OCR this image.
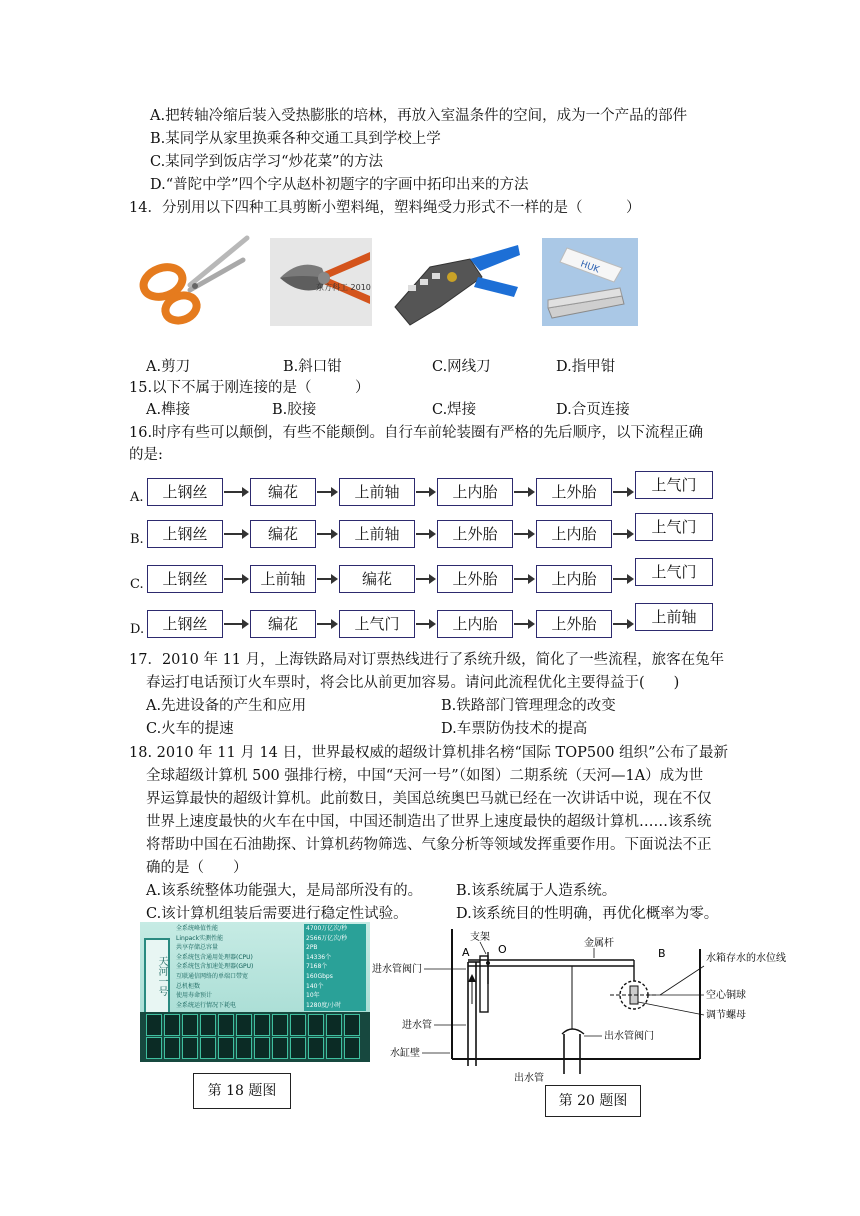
A.把转轴冷缩后装入受热膨胀的培林，再放入室温条件的空间，成为一个产品的部件
B.某同学从家里换乘各种交通工具到学校上学
C.某同学到饭店学习“炒花菜”的方法
D.“普陀中学”四个字从赵朴初题字的字画中拓印出来的方法
14．分别用以下四种工具剪断小塑料绳，塑料绳受力形式不一样的是（　　　）
东方科工 2010
HUK
A.剪刀	B.斜口钳	C.网线刀	D.指甲钳
15.以下不属于刚连接的是（　　　）
A.榫接	B.胶接	C.焊接	D.合页连接
16.时序有些可以颠倒，有些不能颠倒。自行车前轮装圈有严格的先后顺序，以下流程正确
的是:
A.	上钢丝	编花	上前轴	上内胎	上外胎	上气门
B.	上钢丝	编花	上前轴	上外胎	上内胎	上气门
C.	上钢丝	上前轴	编花	上外胎	上内胎	上气门
D.	上钢丝	编花	上气门	上内胎	上外胎	上前轴
17．2010 年 11 月，上海铁路局对订票热线进行了系统升级，简化了一些流程，旅客在兔年
春运打电话预订火车票时，将会比从前更加容易。请问此流程优化主要得益于(　　)
A.先进设备的产生和应用	B.铁路部门管理理念的改变
C.火车的提速	D.车票防伪技术的提高
18. 2010 年 11 月 14 日，世界最权威的超级计算机排名榜“国际 TOP500 组织”公布了最新
全球超级计算机 500 强排行榜，中国“天河一号”（如图）二期系统（天河—1A）成为世
界运算最快的超级计算机。此前数日，美国总统奥巴马就已经在一次讲话中说，现在不仅
世界上速度最快的火车在中国，中国还制造出了世界上速度最快的超级计算机……该系统
将帮助中国在石油勘探、计算机药物筛选、气象分析等领域发挥重要作用。下面说法不正
确的是（　　）
A.该系统整体功能强大，是局部所没有的。 B.该系统属于人造系统。
C.该计算机组装后需要进行稳定性试验。	D.该系统目的性明确，再优化概率为零。
天河一号
全系统峰值性能	4700万亿次/秒
Linpack实测性能	2566万亿次/秒
共享存储总容量	2PB
全系统包含通用处理器(CPU)	14336个
全系统包含加速处理器(GPU)	7168个
互联通信网络的单端口带宽	160Gbps
总机柜数	140个
使用寿命预计	10年
全系统运行情况下耗电	1280度/小时
第 18 题图
支架
O
A	B
金属杆
进水管阀门
进水管
水缸壁
出水管
出水管阀门
水箱存水的水位线
空心铜球
调节螺母
第 20 题图
